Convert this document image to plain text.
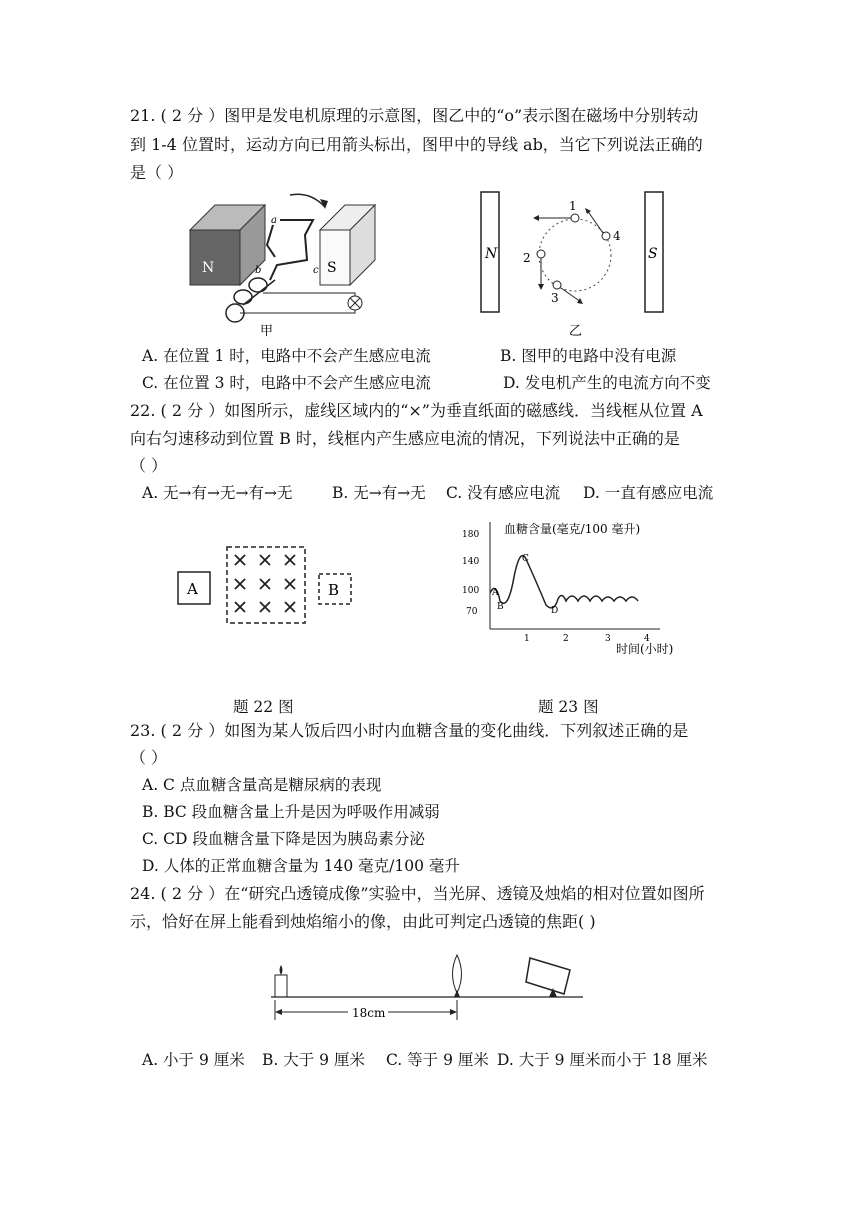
21. ( 2 分 ）图甲是发电机原理的示意图，图乙中的“o”表示图在磁场中分别转动
到 1-4 位置时，运动方向已用箭头标出，图甲中的导线 ab，当它下列说法正确的
是（ ）
N	S
a
b	c
甲
N	S
1
4
2
3
乙
A. 在位置 1 时，电路中不会产生感应电流	B. 图甲的电路中没有电源
C. 在位置 3 时，电路中不会产生感应电流	D. 发电机产生的电流方向不变
22. ( 2 分 ）如图所示，虚线区域内的“×”为垂直纸面的磁感线．当线框从位置 A
向右匀速移动到位置 B 时，线框内产生感应电流的情况，下列说法中正确的是
（ ）
A. 无→有→无→有→无	B. 无→有→无 C. 没有感应电流 D. 一直有感应电流
A	B
血糖含量(毫克/100 毫升)
180
140
100
70
1	2	3	4
A
B
C
D
时间(小时)
题 22 图	题 23 图
23. ( 2 分 ）如图为某人饭后四小时内血糖含量的变化曲线．下列叙述正确的是
（ ）
A. C 点血糖含量高是糖尿病的表现
B. BC 段血糖含量上升是因为呼吸作用减弱
C. CD 段血糖含量下降是因为胰岛素分泌
D. 人体的正常血糖含量为 140 毫克/100 毫升
24. ( 2 分 ）在“研究凸透镜成像”实验中，当光屏、透镜及烛焰的相对位置如图所
示，恰好在屏上能看到烛焰缩小的像，由此可判定凸透镜的焦距( )
18cm
A. 小于 9 厘米 B. 大于 9 厘米 C. 等于 9 厘米 D. 大于 9 厘米而小于 18 厘米
